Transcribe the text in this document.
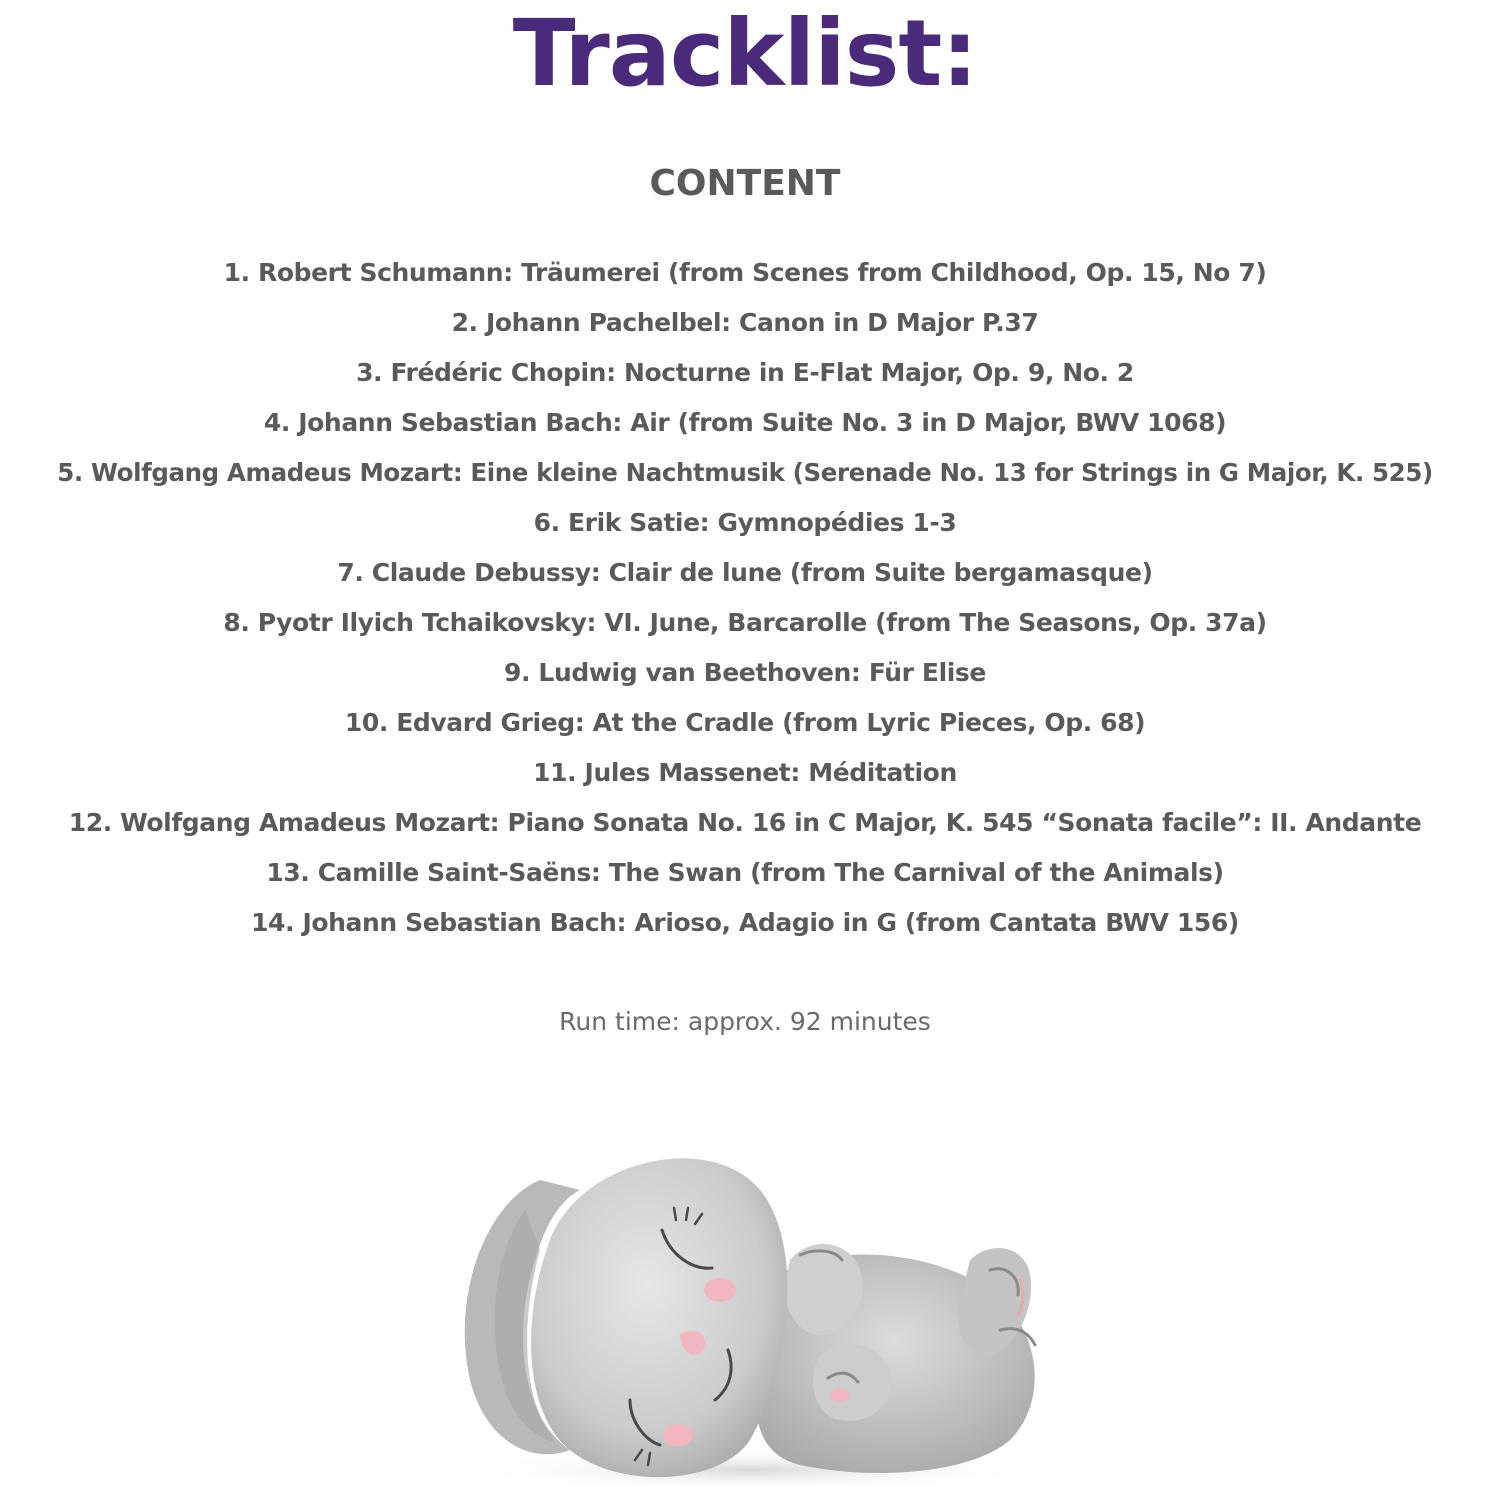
Tracklist:
CONTENT
1. Robert Schumann: Träumerei (from Scenes from Childhood, Op. 15, No 7)
2. Johann Pachelbel: Canon in D Major P.37
3. Frédéric Chopin: Nocturne in E-Flat Major, Op. 9, No. 2
4. Johann Sebastian Bach: Air (from Suite No. 3 in D Major, BWV 1068)
5. Wolfgang Amadeus Mozart: Eine kleine Nachtmusik (Serenade No. 13 for Strings in G Major, K. 525)
6. Erik Satie: Gymnopédies 1-3
7. Claude Debussy: Clair de lune (from Suite bergamasque)
8. Pyotr Ilyich Tchaikovsky: VI. June, Barcarolle (from The Seasons, Op. 37a)
9. Ludwig van Beethoven: Für Elise
10. Edvard Grieg: At the Cradle (from Lyric Pieces, Op. 68)
11. Jules Massenet: Méditation
12. Wolfgang Amadeus Mozart: Piano Sonata No. 16 in C Major, K. 545 “Sonata facile”: II. Andante
13. Camille Saint-Saëns: The Swan (from The Carnival of the Animals)
14. Johann Sebastian Bach: Arioso, Adagio in G (from Cantata BWV 156)
Run time: approx. 92 minutes
